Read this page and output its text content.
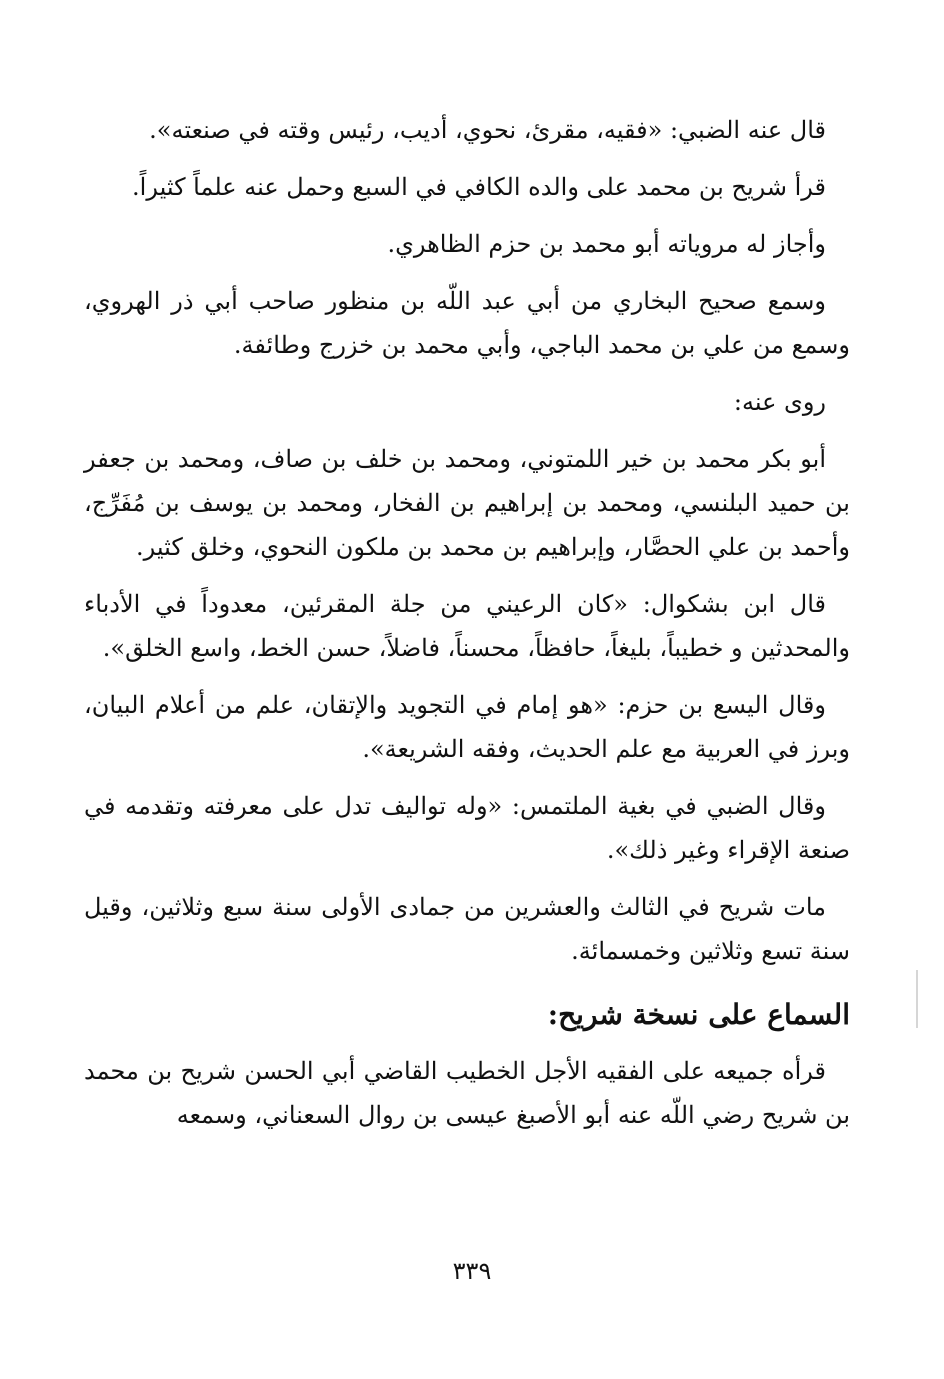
قال عنه الضبي: «فقيه، مقرئ، نحوي، أديب، رئيس وقته في صنعته».

قرأ شريح بن محمد على والده الكافي في السبع وحمل عنه علماً كثيراً.

وأجاز له مروياته أبو محمد بن حزم الظاهري.

وسمع صحيح البخاري من أبي عبد اللّه بن منظور صاحب أبي ذر الهروي، وسمع من علي بن محمد الباجي، وأبي محمد بن خزرج وطائفة.

روى عنه:

أبو بكر محمد بن خير اللمتوني، ومحمد بن خلف بن صاف، ومحمد بن جعفر بن حميد البلنسي، ومحمد بن إبراهيم بن الفخار، ومحمد بن يوسف بن مُفَرِّج، وأحمد بن علي الحصَّار، وإبراهيم بن محمد بن ملكون النحوي، وخلق كثير.

قال ابن بشكوال: «كان الرعيني من جلة المقرئين، معدوداً في الأدباء والمحدثين و خطيباً، بليغاً، حافظاً، محسناً، فاضلاً، حسن الخط، واسع الخلق».

وقال اليسع بن حزم: «هو إمام في التجويد والإتقان، علم من أعلام البيان، وبرز في العربية مع علم الحديث، وفقه الشريعة».

وقال الضبي في بغية الملتمس: «وله تواليف تدل على معرفته وتقدمه في صنعة الإقراء وغير ذلك».

مات شريح في الثالث والعشرين من جمادى الأولى سنة سبع وثلاثين، وقيل سنة تسع وثلاثين وخمسمائة.

السماع على نسخة شريح:

قرأه جميعه على الفقيه الأجل الخطيب القاضي أبي الحسن شريح بن محمد بن شريح رضي اللّه عنه أبو الأصبغ عيسى بن روال السعناني، وسمعه

٣٣٩
